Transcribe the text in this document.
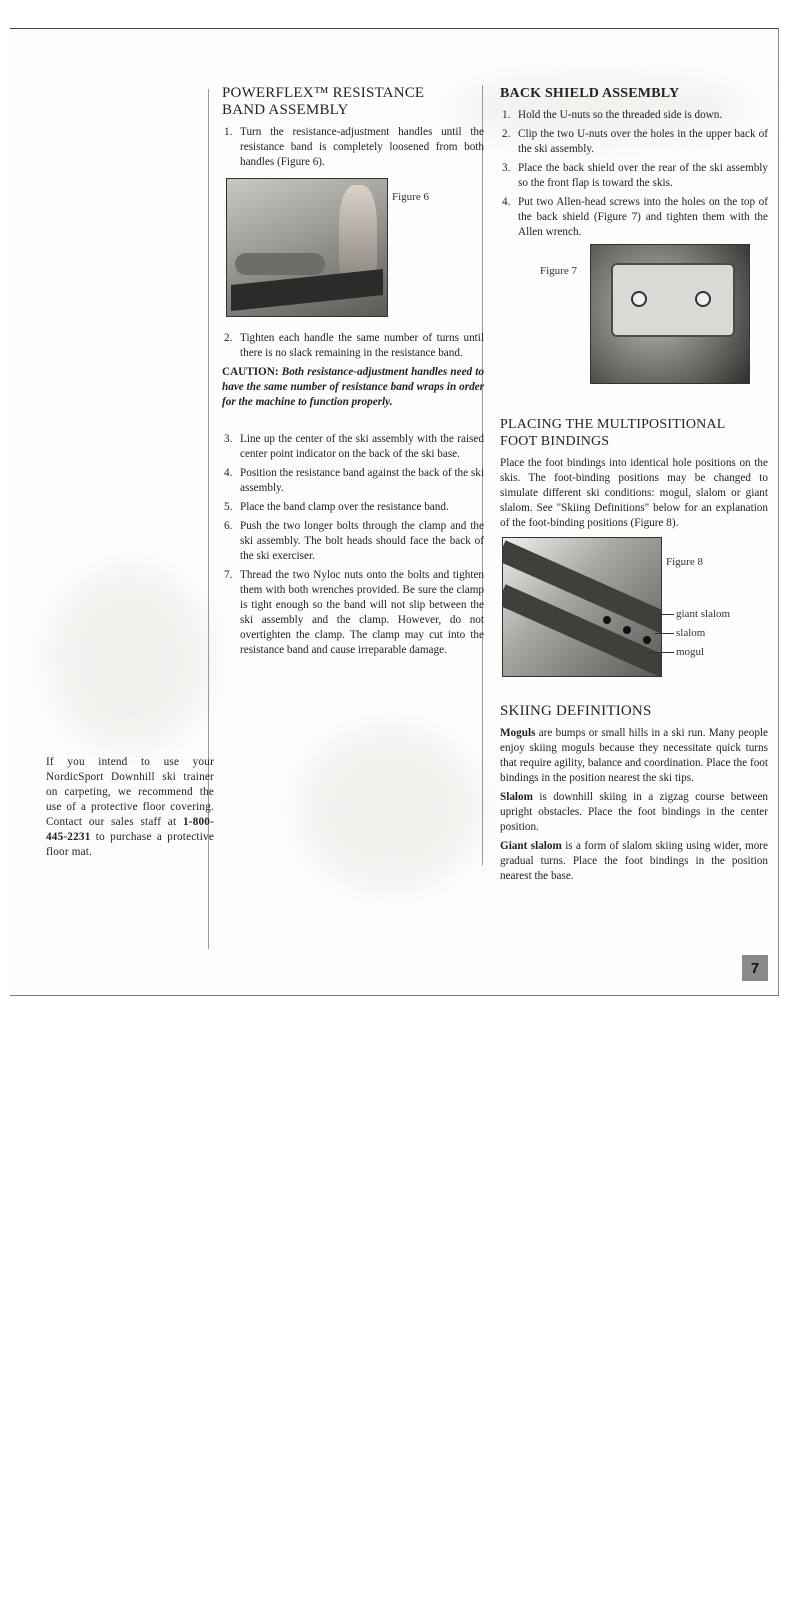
If you intend to use your NordicSport Downhill ski trainer on carpeting, we recommend the use of a protective floor covering. Contact our sales staff at 1-800-445-2231 to purchase a protective floor mat.
POWERFLEX™ RESISTANCE
BAND ASSEMBLY
1. Turn the resistance-adjustment handles until the resistance band is completely loosened from both handles (Figure 6).
Figure 6
2. Tighten each handle the same number of turns until there is no slack remaining in the resistance band.

CAUTION: Both resistance-adjustment handles need to have the same number of resistance band wraps in order for the machine to function properly.

3. Line up the center of the ski assembly with the raised center point indicator on the back of the ski base.
4. Position the resistance band against the back of the ski assembly.
5. Place the band clamp over the resistance band.
6. Push the two longer bolts through the clamp and the ski assembly. The bolt heads should face the back of the ski exerciser.
7. Thread the two Nyloc nuts onto the bolts and tighten them with both wrenches provided. Be sure the clamp is tight enough so the band will not slip between the ski assembly and the clamp. However, do not overtighten the clamp. The clamp may cut into the resistance band and cause irreparable damage.
BACK SHIELD ASSEMBLY
1. Hold the U-nuts so the threaded side is down.
2. Clip the two U-nuts over the holes in the upper back of the ski assembly.
3. Place the back shield over the rear of the ski assembly so the front flap is toward the skis.
4. Put two Allen-head screws into the holes on the top of the back shield (Figure 7) and tighten them with the Allen wrench.
Figure 7
PLACING THE MULTIPOSITIONAL
FOOT BINDINGS

Place the foot bindings into identical hole positions on the skis. The foot-binding positions may be changed to simulate different ski conditions: mogul, slalom or giant slalom. See "Skiing Definitions" below for an explanation of the foot-binding positions (Figure 8).

Figure 8
giant slalom
slalom
mogul
SKIING DEFINITIONS

Moguls are bumps or small hills in a ski run. Many people enjoy skiing moguls because they necessitate quick turns that require agility, balance and coordination. Place the foot bindings in the position nearest the ski tips.

Slalom is downhill skiing in a zigzag course between upright obstacles. Place the foot bindings in the center position.

Giant slalom is a form of slalom skiing using wider, more gradual turns. Place the foot bindings in the position nearest the base.

7
